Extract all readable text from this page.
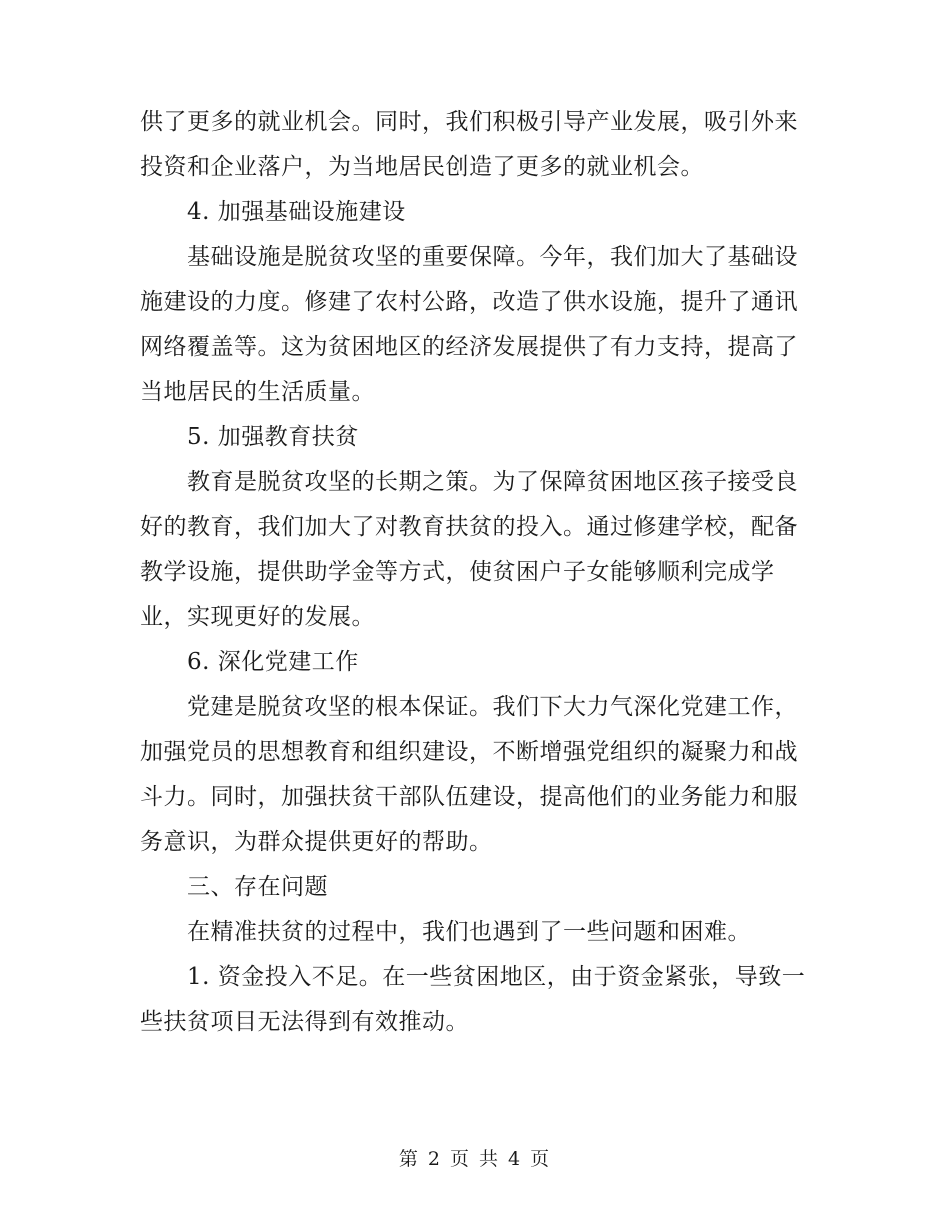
供了更多的就业机会。同时，我们积极引导产业发展，吸引外来
投资和企业落户，为当地居民创造了更多的就业机会。
4. 加强基础设施建设
基础设施是脱贫攻坚的重要保障。今年，我们加大了基础设
施建设的力度。修建了农村公路，改造了供水设施，提升了通讯
网络覆盖等。这为贫困地区的经济发展提供了有力支持，提高了
当地居民的生活质量。
5. 加强教育扶贫
教育是脱贫攻坚的长期之策。为了保障贫困地区孩子接受良
好的教育，我们加大了对教育扶贫的投入。通过修建学校，配备
教学设施，提供助学金等方式，使贫困户子女能够顺利完成学
业，实现更好的发展。
6. 深化党建工作
党建是脱贫攻坚的根本保证。我们下大力气深化党建工作，
加强党员的思想教育和组织建设，不断增强党组织的凝聚力和战
斗力。同时，加强扶贫干部队伍建设，提高他们的业务能力和服
务意识，为群众提供更好的帮助。
三、存在问题
在精准扶贫的过程中，我们也遇到了一些问题和困难。
1. 资金投入不足。在一些贫困地区，由于资金紧张，导致一
些扶贫项目无法得到有效推动。
第 2 页 共 4 页
